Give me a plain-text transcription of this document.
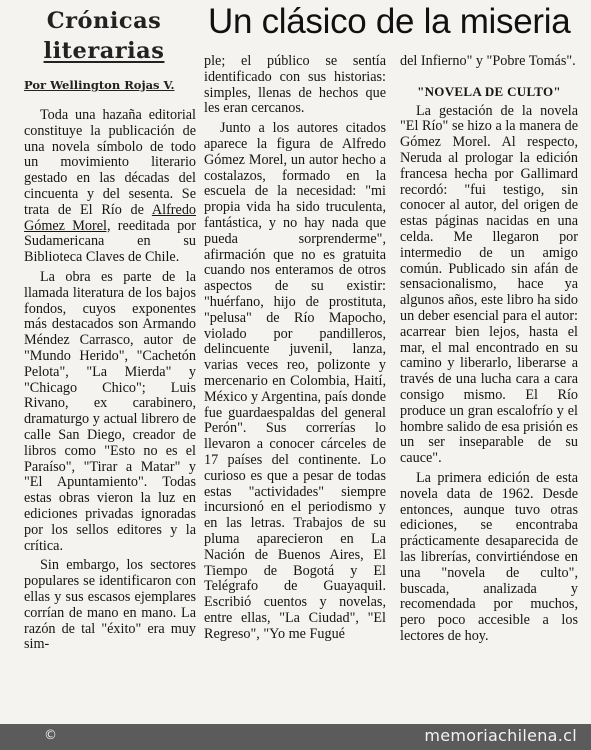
Crónicas
literarias
Un clásico de la miseria
Por Wellington Rojas V.

Toda una hazaña editorial constituye la publicación de una novela símbolo de todo un movimiento literario gestado en las décadas del cincuenta y del sesenta. Se trata de El Río de Alfredo Gómez Morel, reeditada por Sudamericana en su Biblioteca Claves de Chile.

La obra es parte de la llamada literatura de los bajos fondos, cuyos exponentes más destacados son Armando Méndez Carrasco, autor de "Mundo Herido", "Cachetón Pelota", "La Mierda" y "Chicago Chico"; Luis Rivano, ex carabinero, dramaturgo y actual librero de calle San Diego, creador de libros como "Esto no es el Paraíso", "Tirar a Matar" y "El Apuntamiento". Todas estas obras vieron la luz en ediciones privadas ignoradas por los sellos editores y la crítica.

Sin embargo, los sectores populares se identificaron con ellas y sus escasos ejemplares corrían de mano en mano. La razón de tal "éxito" era muy sim-

ple; el público se sentía identificado con sus historias: simples, llenas de hechos que les eran cercanos.

Junto a los autores citados aparece la figura de Alfredo Gómez Morel, un autor hecho a costalazos, formado en la escuela de la necesidad: "mi propia vida ha sido truculenta, fantástica, y no hay nada que pueda sorprenderme", afirmación que no es gratuita cuando nos enteramos de otros aspectos de su existir: "huérfano, hijo de prostituta, "pelusa" de Río Mapocho, violado por pandilleros, delincuente juvenil, lanza, varias veces reo, polizonte y mercenario en Colombia, Haití, México y Argentina, país donde fue guardaespaldas del general Perón". Sus correrías lo llevaron a conocer cárceles de 17 países del continente. Lo curioso es que a pesar de todas estas "actividades" siempre incursionó en el periodismo y en las letras. Trabajos de su pluma aparecieron en La Nación de Buenos Aires, El Tiempo de Bogotá y El Telégrafo de Guayaquil. Escribió cuentos y novelas, entre ellas, "La Ciudad", "El Regreso", "Yo me Fugué

del Infierno" y "Pobre Tomás".

"NOVELA DE CULTO"

La gestación de la novela "El Río" se hizo a la manera de Gómez Morel. Al respecto, Neruda al prologar la edición francesa hecha por Gallimard recordó: "fui testigo, sin conocer al autor, del origen de estas páginas nacidas en una celda. Me llegaron por intermedio de un amigo común. Publicado sin afán de sensacionalismo, hace ya algunos años, este libro ha sido un deber esencial para el autor: acarrear bien lejos, hasta el mar, el mal encontrado en su camino y liberarlo, liberarse a través de una lucha cara a cara consigo mismo. El Río produce un gran escalofrío y el hombre salido de esa prisión es un ser inseparable de su cauce".

La primera edición de esta novela data de 1962. Desde entonces, aunque tuvo otras ediciones, se encontraba prácticamente desaparecida de las librerías, convirtiéndose en una "novela de culto", buscada, analizada y recomendada por muchos, pero poco accesible a los lectores de hoy.

©	memoriachilena.cl
